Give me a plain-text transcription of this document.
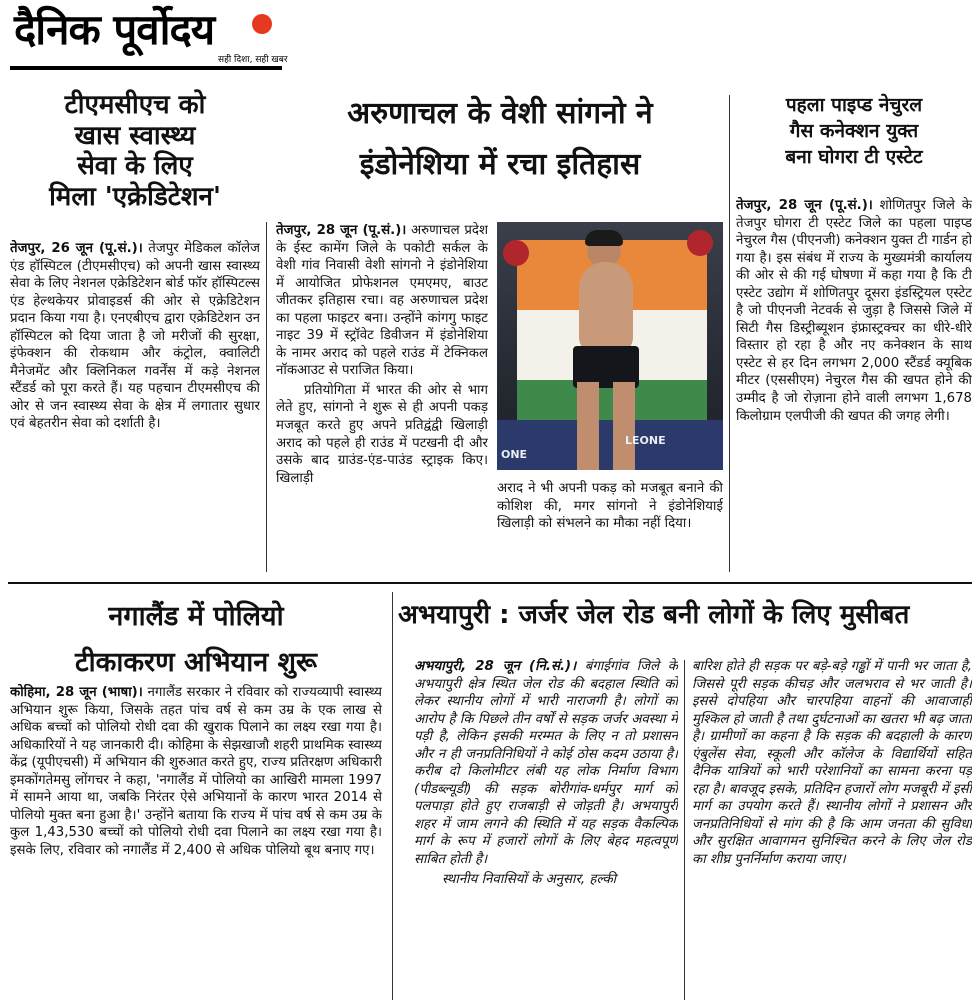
दैनिक पूर्वोदय
सही दिशा, सही खबर
टीएमसीएच को
खास स्वास्थ्य
सेवा के लिए
मिला 'एक्रेडिटेशन'

तेजपुर, 26 जून (पू.सं.)। तेजपुर मेडिकल कॉलेज एंड हॉस्पिटल (टीएमसीएच) को अपनी खास स्वास्थ्य सेवा के लिए नेशनल एक्रेडिटेशन बोर्ड फॉर हॉस्पिटल्स एंड हेल्थकेयर प्रोवाइडर्स की ओर से एक्रेडिटेशन प्रदान किया गया है। एनएबीएच द्वारा एक्रेडिटेशन उन हॉस्पिटल को दिया जाता है जो मरीजों की सुरक्षा, इंफेक्शन की रोकथाम और कंट्रोल, क्वालिटी मैनेजमेंट और क्लिनिकल गवर्नेंस में कड़े नेशनल स्टैंडर्ड को पूरा करते हैं। यह पहचान टीएमसीएच की ओर से जन स्वास्थ्य सेवा के क्षेत्र में लगातार सुधार एवं बेहतरीन सेवा को दर्शाती है।

अरुणाचल के वेशी सांगनो ने
इंडोनेशिया में रचा इतिहास

तेजपुर, 28 जून (पू.सं.)। अरुणाचल प्रदेश के ईस्ट कामेंग जिले के पकोटी सर्कल के वेशी गांव निवासी वेशी सांगनो ने इंडोनेशिया में आयोजित प्रोफेशनल एमएमए, बाउट जीतकर इतिहास रचा। वह अरुणाचल प्रदेश का पहला फाइटर बना। उन्होंने कांगगु फाइट नाइट 39 में स्ट्रॉवेट डिवीजन में इंडोनेशिया के नामर अराद को पहले राउंड में टेक्निकल नॉकआउट से पराजित किया।

प्रतियोगिता में भारत की ओर से भाग लेते हुए, सांगनो ने शुरू से ही अपनी पकड़ मजबूत करते हुए अपने प्रतिद्वंद्वी खिलाड़ी अराद को पहले ही राउंड में पटखनी दी और उसके बाद ग्राउंड-एंड-पाउंड स्ट्राइक किए। खिलाड़ी

ONE
LEONE

अराद ने भी अपनी पकड़ को मजबूत बनाने की कोशिश की, मगर सांगनो ने इंडोनेशियाई खिलाड़ी को संभलने का मौका नहीं दिया।

पहला पाइप्ड नेचुरल
गैस कनेक्शन युक्त
बना घोगरा टी एस्टेट

तेजपुर, 28 जून (पू.सं.)। शोणितपुर जिले के तेजपुर घोगरा टी एस्टेट जिले का पहला पाइप्ड नेचुरल गैस (पीएनजी) कनेक्शन युक्त टी गार्डन हो गया है। इस संबंध में राज्य के मुख्यमंत्री कार्यालय की ओर से की गई घोषणा में कहा गया है कि टी एस्टेट उद्योग में शोणितपुर दूसरा इंडस्ट्रियल एस्टेट है जो पीएनजी नेटवर्क से जुड़ा है जिससे जिले में सिटी गैस डिस्ट्रीब्यूशन इंफ्रास्ट्रक्चर का धीरे-धीरे विस्तार हो रहा है और नए कनेक्शन के साथ एस्टेट से हर दिन लगभग 2,000 स्टैंडर्ड क्यूबिक मीटर (एससीएम) नेचुरल गैस की खपत होने की उम्मीद है जो रोज़ाना होने वाली लगभग 1,678 किलोग्राम एलपीजी की खपत की जगह लेगी।

नगालैंड में पोलियो
टीकाकरण अभियान शुरू

कोहिमा, 28 जून (भाषा)। नगालैंड सरकार ने रविवार को राज्यव्यापी स्वास्थ्य अभियान शुरू किया, जिसके तहत पांच वर्ष से कम उम्र के एक लाख से अधिक बच्चों को पोलियो रोधी दवा की खुराक पिलाने का लक्ष्य रखा गया है। अधिकारियों ने यह जानकारी दी। कोहिमा के सेझखाजौ शहरी प्राथमिक स्वास्थ्य केंद्र (यूपीएचसी) में अभियान की शुरुआत करते हुए, राज्य प्रतिरक्षण अधिकारी इमकोंगतेमसु लोंगचर ने कहा, 'नगालैंड में पोलियो का आखिरी मामला 1997 में सामने आया था, जबकि निरंतर ऐसे अभियानों के कारण भारत 2014 से पोलियो मुक्त बना हुआ है।' उन्होंने बताया कि राज्य में पांच वर्ष से कम उम्र के कुल 1,43,530 बच्चों को पोलियो रोधी दवा पिलाने का लक्ष्य रखा गया है। इसके लिए, रविवार को नगालैंड में 2,400 से अधिक पोलियो बूथ बनाए गए।

अभयापुरी : जर्जर जेल रोड बनी लोगों के लिए मुसीबत

अभयापुरी, 28 जून (नि.सं.)। बंगाईगांव जिले के अभयापुरी क्षेत्र स्थित जेल रोड की बदहाल स्थिति को लेकर स्थानीय लोगों में भारी नाराजगी है। लोगों का आरोप है कि पिछले तीन वर्षों से सड़क जर्जर अवस्था में पड़ी है, लेकिन इसकी मरम्मत के लिए न तो प्रशासन और न ही जनप्रतिनिधियों ने कोई ठोस कदम उठाया है। करीब दो किलोमीटर लंबी यह लोक निर्माण विभाग (पीडब्ल्यूडी) की सड़क बोरीगांव-धर्मपुर मार्ग को पलपाड़ा होते हुए राजबाड़ी से जोड़ती है। अभयापुरी शहर में जाम लगने की स्थिति में यह सड़क वैकल्पिक मार्ग के रूप में हजारों लोगों के लिए बेहद महत्वपूर्ण साबित होती है।

स्थानीय निवासियों के अनुसार, हल्की

बारिश होते ही सड़क पर बड़े-बड़े गड्ढों में पानी भर जाता है, जिससे पूरी सड़क कीचड़ और जलभराव से भर जाती है। इससे दोपहिया और चारपहिया वाहनों की आवाजाही मुश्किल हो जाती है तथा दुर्घटनाओं का खतरा भी बढ़ जाता है। ग्रामीणों का कहना है कि सड़क की बदहाली के कारण एंबुलेंस सेवा, स्कूली और कॉलेज के विद्यार्थियों सहित दैनिक यात्रियों को भारी परेशानियों का सामना करना पड़ रहा है। बावजूद इसके, प्रतिदिन हजारों लोग मजबूरी में इसी मार्ग का उपयोग करते हैं। स्थानीय लोगों ने प्रशासन और जनप्रतिनिधियों से मांग की है कि आम जनता की सुविधा और सुरक्षित आवागमन सुनिश्चित करने के लिए जेल रोड का शीघ्र पुनर्निर्माण कराया जाए।
